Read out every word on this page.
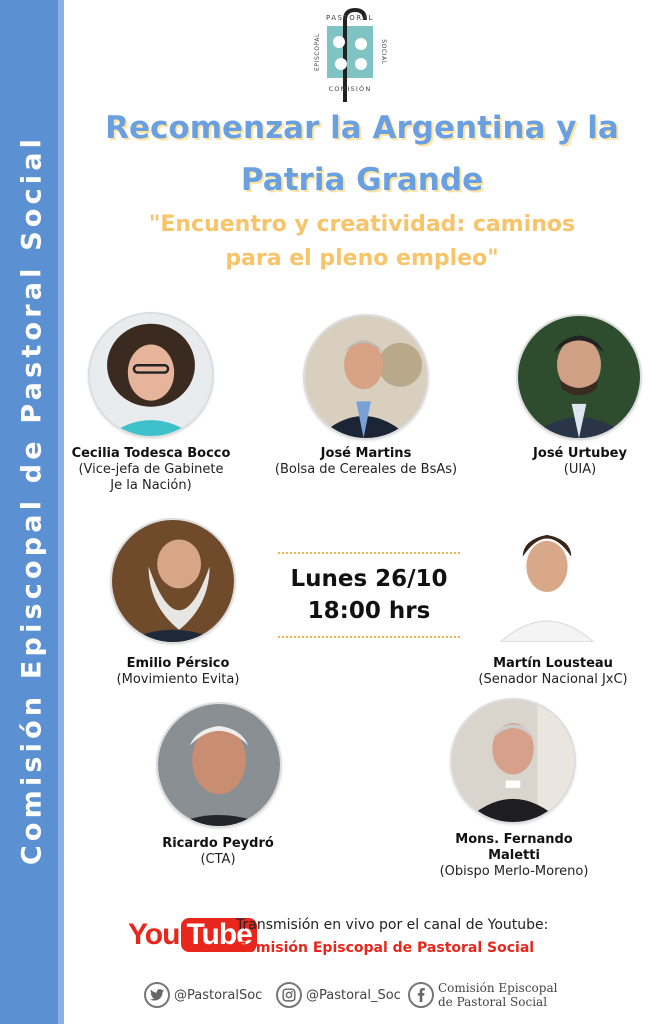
Comisión Episcopal de Pastoral Social
PASTORAL
COMISIÓN
EPISCOPAL	SOCIAL
Recomenzar la Argentina y la
Patria Grande
"Encuentro y creatividad: caminos
para el pleno empleo"
Cecilia Todesca Bocco
(Vice-jefa de Gabinete
Je la Nación)
José Martins
(Bolsa de Cereales de BsAs)
José Urtubey
(UIA)
Emilio Pérsico
(Movimiento Evita)
Lunes 26/10
18:00 hrs
Martín Lousteau
(Senador Nacional JxC)
Ricardo Peydró
(CTA)
Mons. Fernando
Maletti
(Obispo Merlo-Moreno)
You Tube
Transmisión en vivo por el canal de Youtube:
Comisión Episcopal de Pastoral Social
@PastoralSoc	@Pastoral_Soc	Comisión Episcopal
de Pastoral Social
